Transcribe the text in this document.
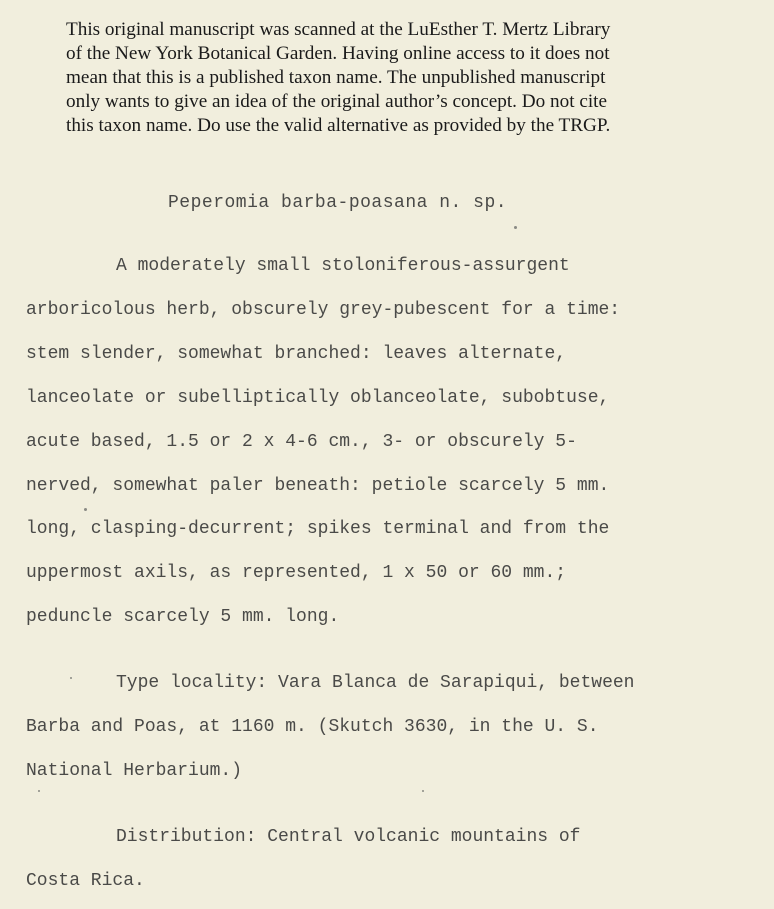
This original manuscript was scanned at the LuEsther T. Mertz Library
of the New York Botanical Garden. Having online access to it does not
mean that this is a published taxon name. The unpublished manuscript
only wants to give an idea of the original author’s concept. Do not cite
this taxon name. Do use the valid alternative as provided by the TRGP.
Peperomia barba-poasana n. sp.
A moderately small stoloniferous-assurgent
arboricolous herb, obscurely grey-pubescent for a time:
stem slender, somewhat branched: leaves alternate,
lanceolate or subelliptically oblanceolate, subobtuse,
acute based, 1.5 or 2 x 4-6 cm., 3- or obscurely 5-
nerved, somewhat paler beneath: petiole scarcely 5 mm.
long, clasping-decurrent; spikes terminal and from the
uppermost axils, as represented, 1 x 50 or 60 mm.;
peduncle scarcely 5 mm. long.
Type locality: Vara Blanca de Sarapiqui, between
Barba and Poas, at 1160 m. (Skutch 3630, in the U. S.
National Herbarium.)
Distribution: Central volcanic mountains of
Costa Rica.
